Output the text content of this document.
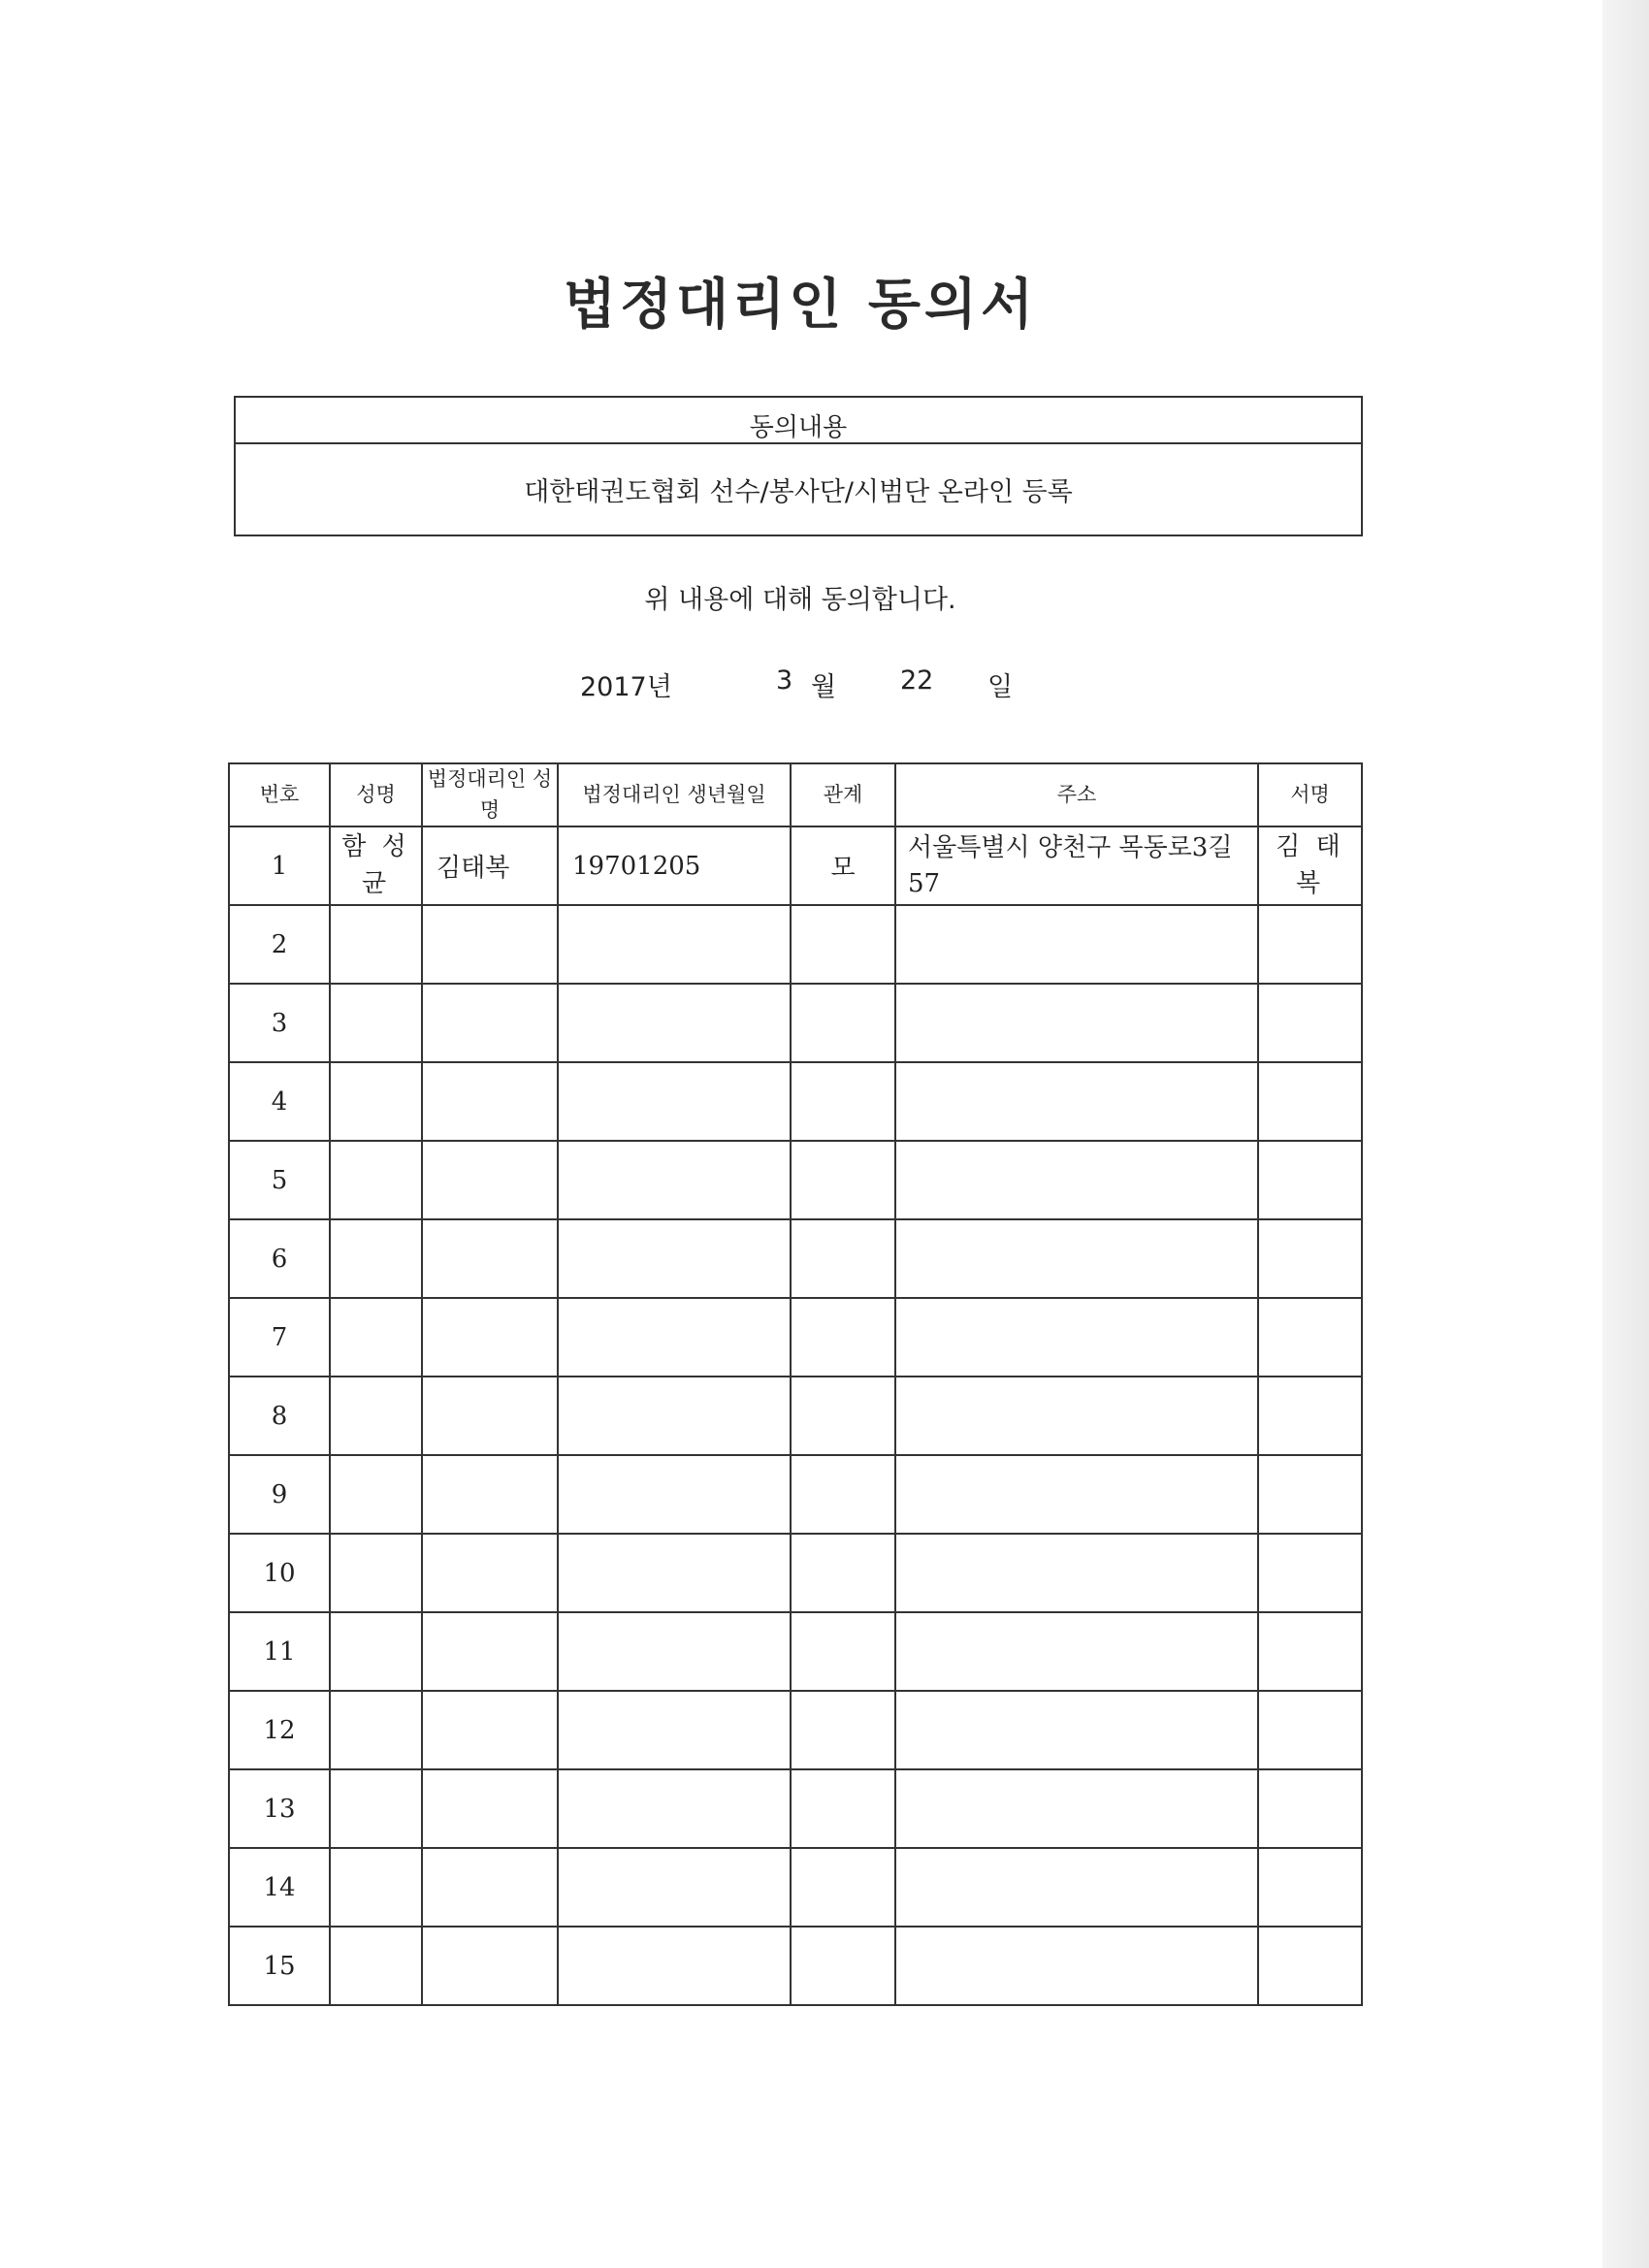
법정대리인 동의서
동의내용
대한태권도협회 선수/봉사단/시범단 온라인 등록
위 내용에 대해 동의합니다.
2017년	3 월 22 일
번호	성명	법정대리인 성명	법정대리인 생년월일	관계	주소	서명
1	함 성 균	김태복	19701205	모	서울특별시 양천구 목동로3길 57	김 태 복
2						
3						
4						
5						
6						
7						
8						
9						
10						
11						
12						
13						
14						
15						
